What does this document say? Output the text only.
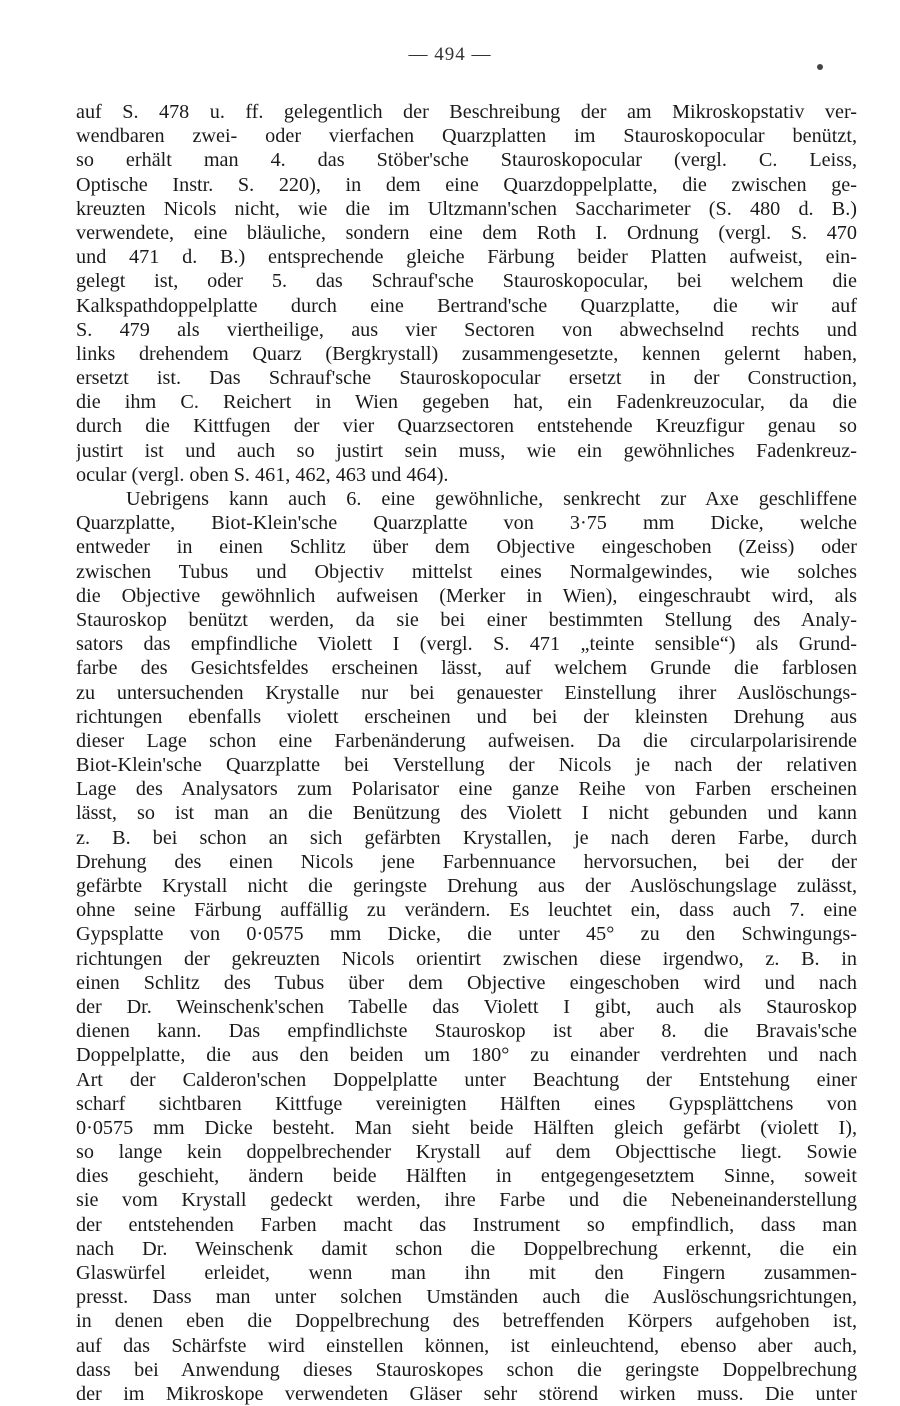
— 494 —
auf S. 478 u. ff. gelegentlich der Beschreibung der am Mikroskopstativ ver-
wendbaren zwei- oder vierfachen Quarzplatten im Stauroskopocular benützt,
so erhält man 4. das Stöber'sche Stauroskopocular (vergl. C. Leiss,
Optische Instr. S. 220), in dem eine Quarzdoppelplatte, die zwischen ge-
kreuzten Nicols nicht, wie die im Ultzmann'schen Saccharimeter (S. 480 d. B.)
verwendete, eine bläuliche, sondern eine dem Roth I. Ordnung (vergl. S. 470
und 471 d. B.) entsprechende gleiche Färbung beider Platten aufweist, ein-
gelegt ist, oder 5. das Schrauf'sche Stauroskopocular, bei welchem die
Kalkspathdoppelplatte durch eine Bertrand'sche Quarzplatte, die wir auf
S. 479 als viertheilige, aus vier Sectoren von abwechselnd rechts und
links drehendem Quarz (Bergkrystall) zusammengesetzte, kennen gelernt haben,
ersetzt ist. Das Schrauf'sche Stauroskopocular ersetzt in der Construction,
die ihm C. Reichert in Wien gegeben hat, ein Fadenkreuzocular, da die
durch die Kittfugen der vier Quarzsectoren entstehende Kreuzfigur genau so
justirt ist und auch so justirt sein muss, wie ein gewöhnliches Fadenkreuz-
ocular (vergl. oben S. 461, 462, 463 und 464).
Uebrigens kann auch 6. eine gewöhnliche, senkrecht zur Axe geschliffene
Quarzplatte, Biot-Klein'sche Quarzplatte von 3·75 mm Dicke, welche
entweder in einen Schlitz über dem Objective eingeschoben (Zeiss) oder
zwischen Tubus und Objectiv mittelst eines Normalgewindes, wie solches
die Objective gewöhnlich aufweisen (Merker in Wien), eingeschraubt wird, als
Stauroskop benützt werden, da sie bei einer bestimmten Stellung des Analy-
sators das empfindliche Violett I (vergl. S. 471 „teinte sensible“) als Grund-
farbe des Gesichtsfeldes erscheinen lässt, auf welchem Grunde die farblosen
zu untersuchenden Krystalle nur bei genauester Einstellung ihrer Auslöschungs-
richtungen ebenfalls violett erscheinen und bei der kleinsten Drehung aus
dieser Lage schon eine Farbenänderung aufweisen. Da die circularpolarisirende
Biot-Klein'sche Quarzplatte bei Verstellung der Nicols je nach der relativen
Lage des Analysators zum Polarisator eine ganze Reihe von Farben erscheinen
lässt, so ist man an die Benützung des Violett I nicht gebunden und kann
z. B. bei schon an sich gefärbten Krystallen, je nach deren Farbe, durch
Drehung des einen Nicols jene Farbennuance hervorsuchen, bei der der
gefärbte Krystall nicht die geringste Drehung aus der Auslöschungslage zulässt,
ohne seine Färbung auffällig zu verändern. Es leuchtet ein, dass auch 7. eine
Gypsplatte von 0·0575 mm Dicke, die unter 45° zu den Schwingungs-
richtungen der gekreuzten Nicols orientirt zwischen diese irgendwo, z. B. in
einen Schlitz des Tubus über dem Objective eingeschoben wird und nach
der Dr. Weinschenk'schen Tabelle das Violett I gibt, auch als Stauroskop
dienen kann. Das empfindlichste Stauroskop ist aber 8. die Bravais'sche
Doppelplatte, die aus den beiden um 180° zu einander verdrehten und nach
Art der Calderon'schen Doppelplatte unter Beachtung der Entstehung einer
scharf sichtbaren Kittfuge vereinigten Hälften eines Gypsplättchens von
0·0575 mm Dicke besteht. Man sieht beide Hälften gleich gefärbt (violett I),
so lange kein doppelbrechender Krystall auf dem Objecttische liegt. Sowie
dies geschieht, ändern beide Hälften in entgegengesetztem Sinne, soweit
sie vom Krystall gedeckt werden, ihre Farbe und die Nebeneinanderstellung
der entstehenden Farben macht das Instrument so empfindlich, dass man
nach Dr. Weinschenk damit schon die Doppelbrechung erkennt, die ein
Glaswürfel erleidet, wenn man ihn mit den Fingern zusammen-
presst. Dass man unter solchen Umständen auch die Auslöschungsrichtungen,
in denen eben die Doppelbrechung des betreffenden Körpers aufgehoben ist,
auf das Schärfste wird einstellen können, ist einleuchtend, ebenso aber auch,
dass bei Anwendung dieses Stauroskopes schon die geringste Doppelbrechung
der im Mikroskope verwendeten Gläser sehr störend wirken muss. Die unter
